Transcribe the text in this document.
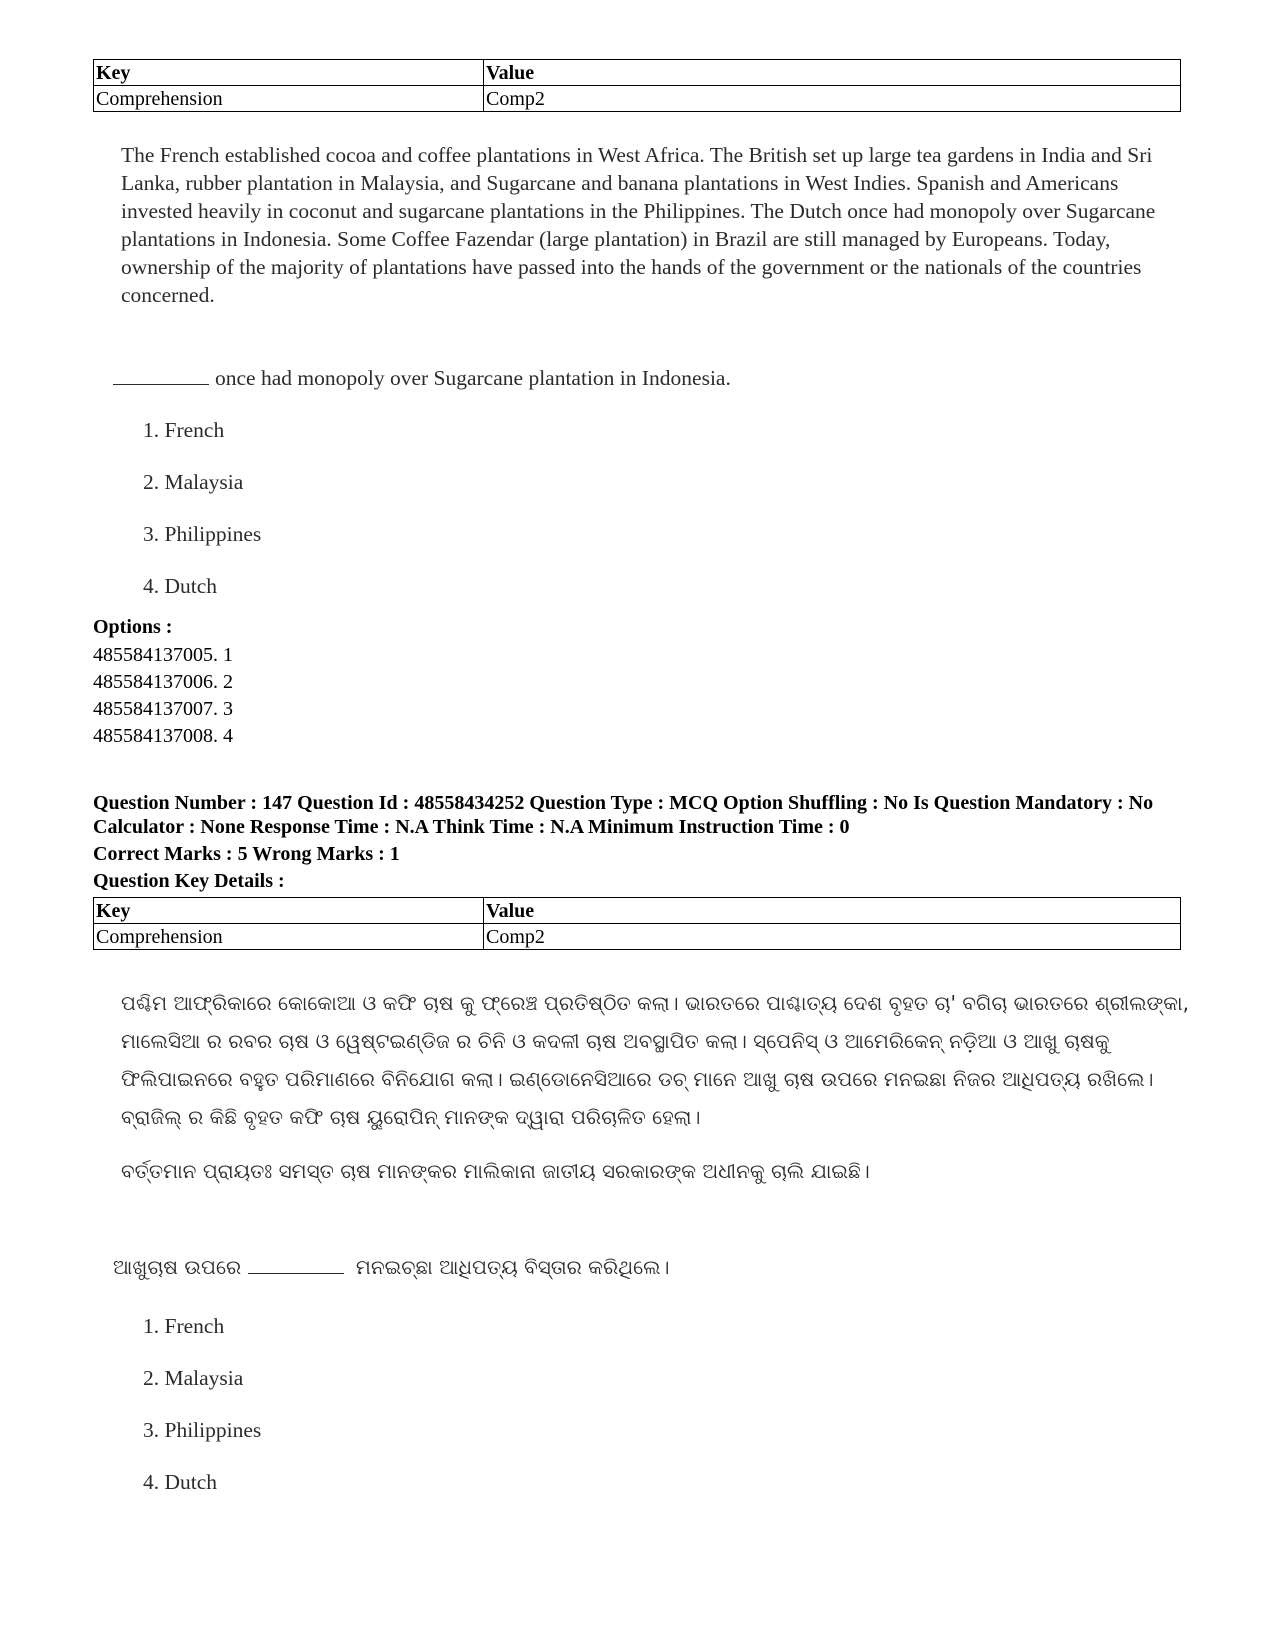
Key	Value
Comprehension	Comp2

The French established cocoa and coffee plantations in West Africa. The British set up large tea gardens in India and Sri Lanka, rubber plantation in Malaysia, and Sugarcane and banana plantations in West Indies. Spanish and Americans invested heavily in coconut and sugarcane plantations in the Philippines. The Dutch once had monopoly over Sugarcane plantations in Indonesia. Some Coffee Fazendar (large plantation) in Brazil are still managed by Europeans. Today, ownership of the majority of plantations have passed into the hands of the government or the nationals of the countries concerned.

once had monopoly over Sugarcane plantation in Indonesia.
1. French
2. Malaysia
3. Philippines
4. Dutch
Options :
485584137005. 1
485584137006. 2
485584137007. 3
485584137008. 4
Question Number : 147 Question Id : 48558434252 Question Type : MCQ Option Shuffling : No Is Question Mandatory : No Calculator : None Response Time : N.A Think Time : N.A Minimum Instruction Time : 0
Correct Marks : 5 Wrong Marks : 1
Question Key Details :
Key	Value
Comprehension	Comp2
ପଶ୍ଚିମ ଆଫ୍ରିକାରେ କୋକୋଆ ଓ କଫି ଚାଷ କୁ ଫ୍ରେଞ୍ଚ ପ୍ରତିଷ୍ଠିତ କଲା। ଭାରତରେ ପାଶ୍ଚାତ୍ୟ ଦେଶ ବୃହତ ଚା' ବଗିଚା ଭାରତରେ ଶ୍ରୀଲଙ୍କା,
ମାଲେସିଆ ର ରବର ଚାଷ ଓ ୱେଷ୍ଟଇଣ୍ଡିଜ ର ଚିନି ଓ କଦଳୀ ଚାଷ ଅବସ୍ଥାପିତ କଲା। ସ୍ପେନିସ୍ ଓ ଆମେରିକେନ୍ ନଡ଼ିଆ ଓ ଆଖୁ ଚାଷକୁ
ଫିଲିପାଇନରେ ବହୁତ ପରିମାଣରେ ବିନିଯୋଗ କଲା। ଇଣ୍ଡୋନେସିଆରେ ଡଚ୍ ମାନେ ଆଖୁ ଚାଷ ଉପରେ ମନଇଛା ନିଜର ଆଧିପତ୍ୟ ରଖିଲେ।
ବ୍ରାଜିଲ୍ ର କିଛି ବୃହତ କଫି ଚାଷ ୟୁରୋପିନ୍ ମାନଙ୍କ ଦ୍ୱାରା ପରିଚାଳିତ ହେଲା।
ବର୍ତ୍ତମାନ ପ୍ରାୟତଃ ସମସ୍ତ ଚାଷ ମାନଙ୍କର ମାଲିକାନା ଜାତୀୟ ସରକାରଙ୍କ ଅଧୀନକୁ ଚାଲି ଯାଇଛି।
ଆଖୁଚାଷ ଉପରେ	ମନଇଚ୍ଛା ଆଧିପତ୍ୟ ବିସ୍ତାର କରିଥିଲେ।
1. French
2. Malaysia
3. Philippines
4. Dutch
